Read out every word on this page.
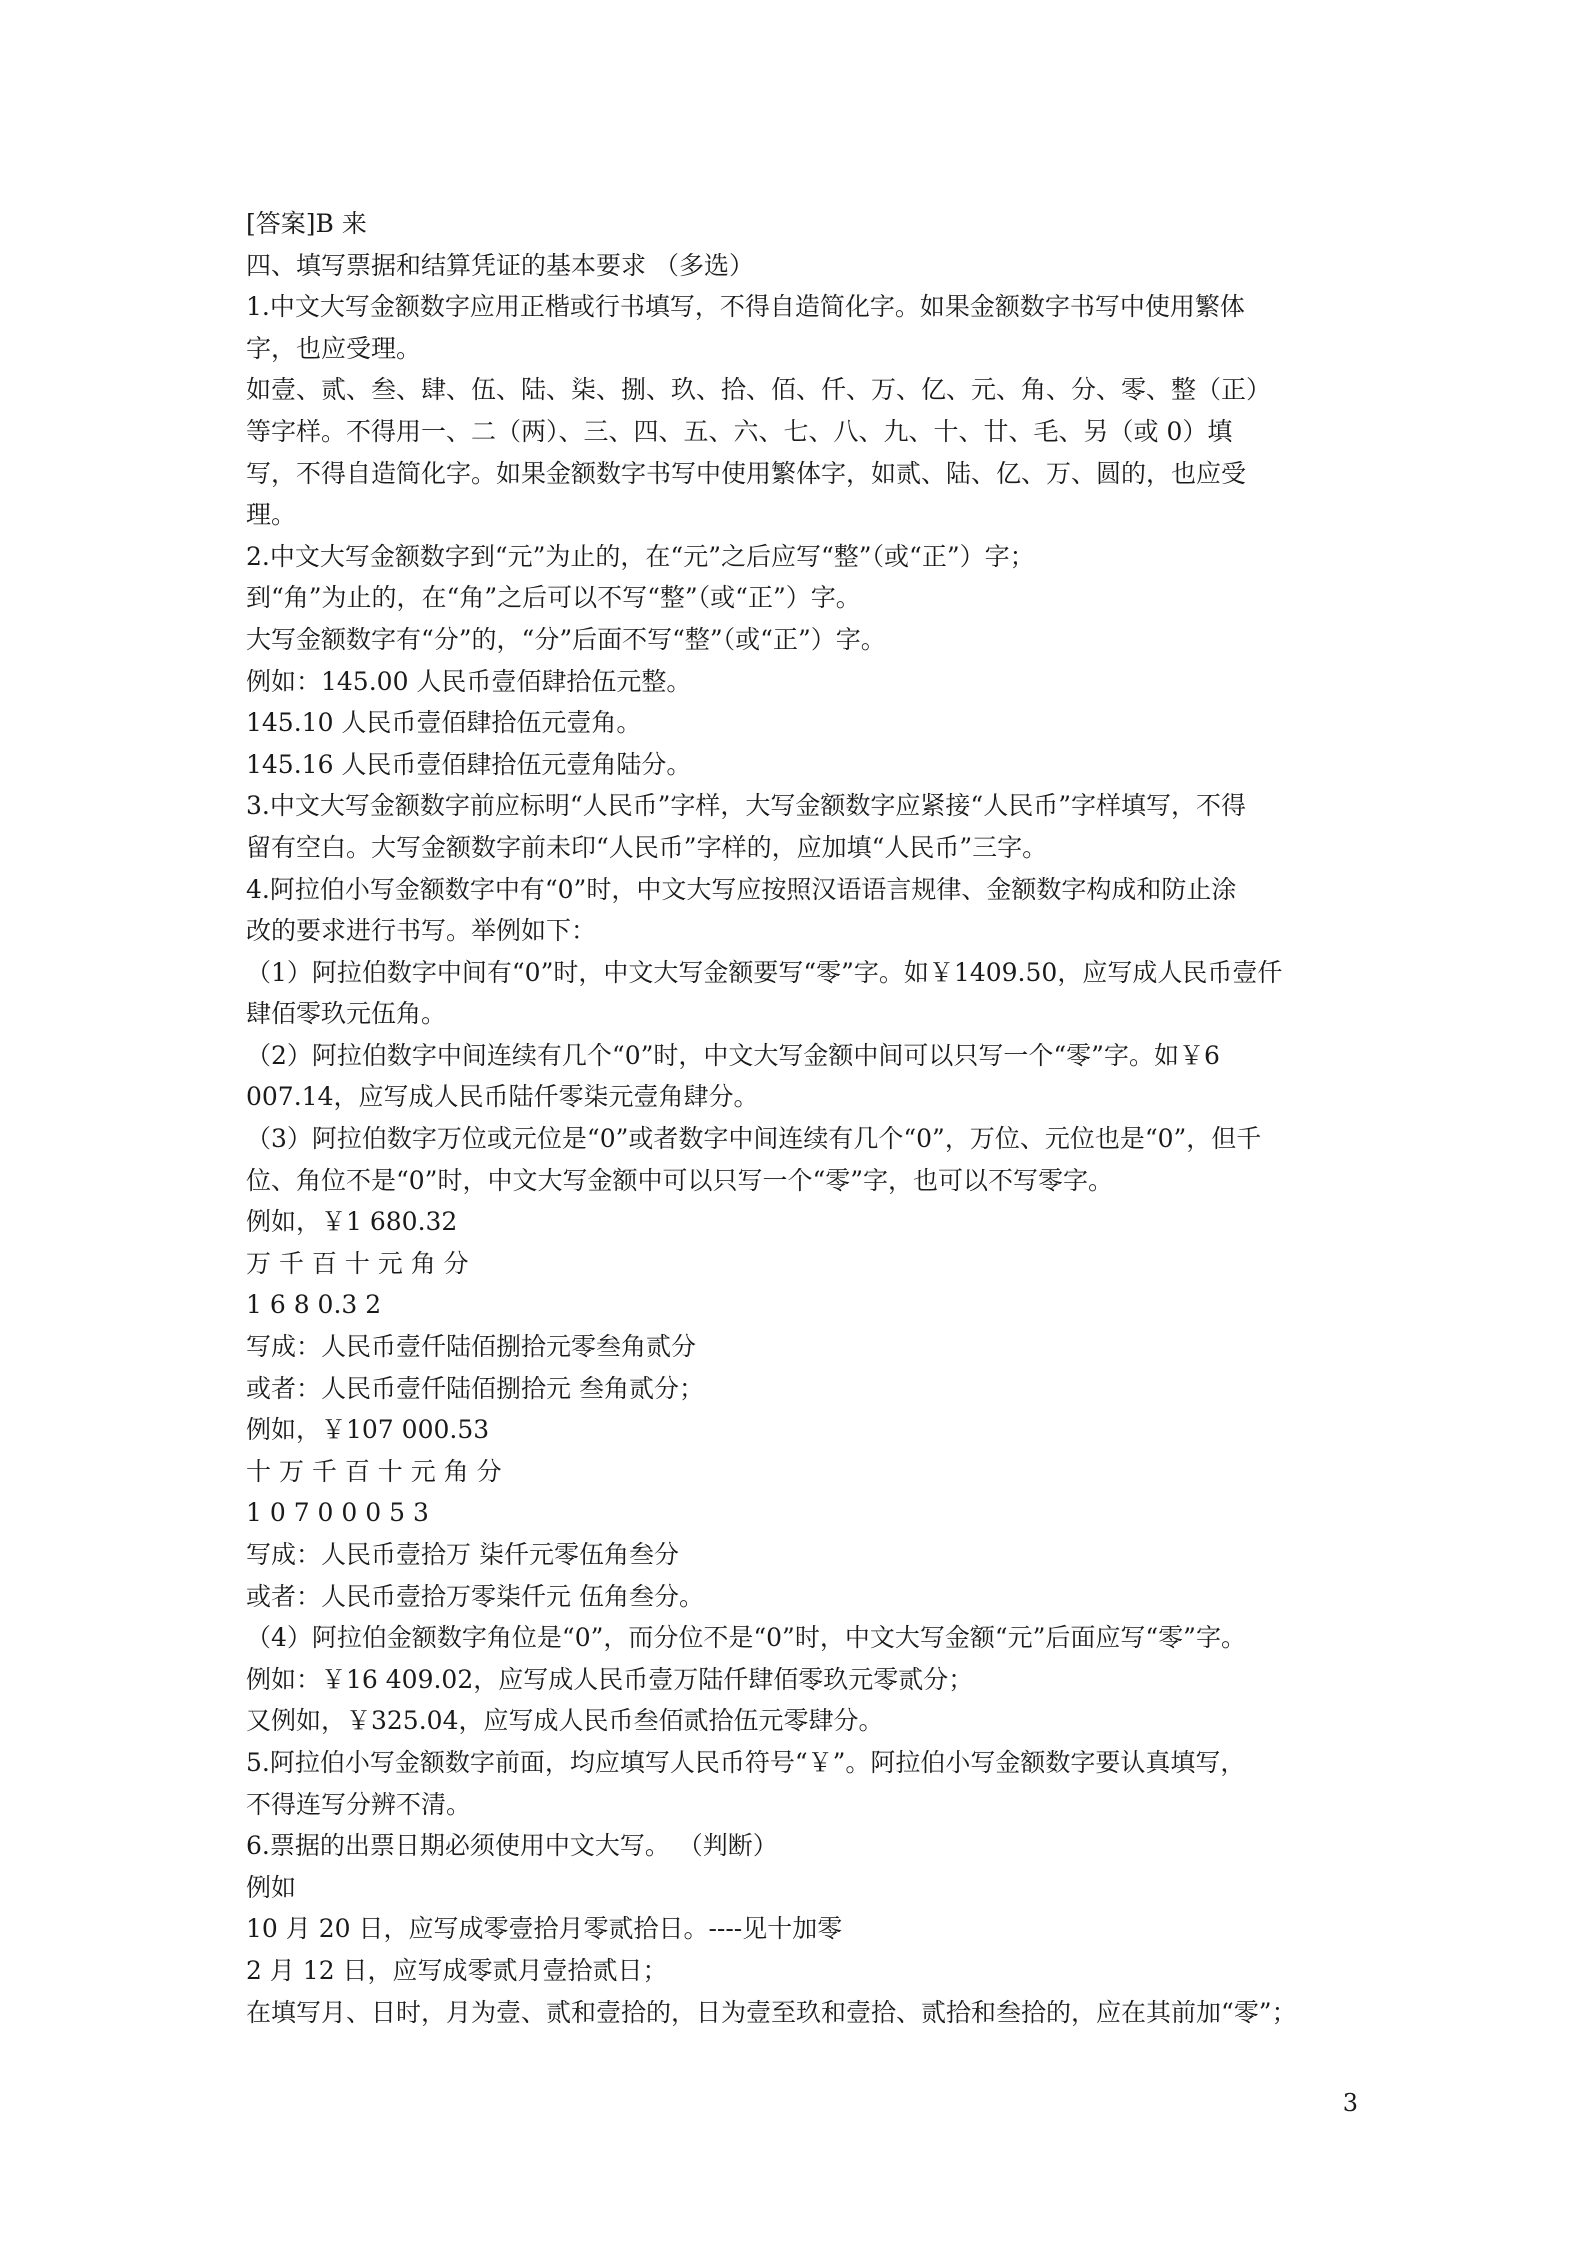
[答案]B 来
四、填写票据和结算凭证的基本要求 （多选）
1.中文大写金额数字应用正楷或行书填写，不得自造简化字。如果金额数字书写中使用繁体
字，也应受理。
如壹、贰、叁、肆、伍、陆、柒、捌、玖、拾、佰、仟、万、亿、元、角、分、零、整（正）
等字样。不得用一、二（两）、三、四、五、六、七、八、九、十、廿、毛、另（或 0）填
写，不得自造简化字。如果金额数字书写中使用繁体字，如贰、陆、亿、万、圆的，也应受
理。
2.中文大写金额数字到“元”为止的，在“元”之后应写“整”（或“正”）字；
到“角”为止的，在“角”之后可以不写“整”（或“正”）字。
大写金额数字有“分”的，“分”后面不写“整”（或“正”）字。
例如：145.00 人民币壹佰肆拾伍元整。
145.10 人民币壹佰肆拾伍元壹角。
145.16 人民币壹佰肆拾伍元壹角陆分。
3.中文大写金额数字前应标明“人民币”字样，大写金额数字应紧接“人民币”字样填写，不得
留有空白。大写金额数字前未印“人民币”字样的，应加填“人民币”三字。
4.阿拉伯小写金额数字中有“0”时，中文大写应按照汉语语言规律、金额数字构成和防止涂
改的要求进行书写。举例如下：
（1）阿拉伯数字中间有“0”时，中文大写金额要写“零”字。如￥1409.50，应写成人民币壹仟
肆佰零玖元伍角。
（2）阿拉伯数字中间连续有几个“0”时，中文大写金额中间可以只写一个“零”字。如￥6
007.14，应写成人民币陆仟零柒元壹角肆分。
（3）阿拉伯数字万位或元位是“0”或者数字中间连续有几个“0”，万位、元位也是“0”，但千
位、角位不是“0”时，中文大写金额中可以只写一个“零”字，也可以不写零字。
例如，￥1 680.32
万 千 百 十 元 角 分
1 6 8 0.3 2
写成：人民币壹仟陆佰捌拾元零叁角贰分
或者：人民币壹仟陆佰捌拾元 叁角贰分；
例如，￥107 000.53
十 万 千 百 十 元 角 分
1 0 7 0 0 0 5 3
写成：人民币壹拾万 柒仟元零伍角叁分
或者：人民币壹拾万零柒仟元 伍角叁分。
（4）阿拉伯金额数字角位是“0”，而分位不是“0”时，中文大写金额“元”后面应写“零”字。
例如：￥16 409.02，应写成人民币壹万陆仟肆佰零玖元零贰分；
又例如，￥325.04，应写成人民币叁佰贰拾伍元零肆分。
5.阿拉伯小写金额数字前面，均应填写人民币符号“￥”。阿拉伯小写金额数字要认真填写，
不得连写分辨不清。
6.票据的出票日期必须使用中文大写。 （判断）
例如
10 月 20 日，应写成零壹拾月零贰拾日。----见十加零
2 月 12 日，应写成零贰月壹拾贰日；
在填写月、日时，月为壹、贰和壹拾的，日为壹至玖和壹拾、贰拾和叁拾的，应在其前加“零”；
3
